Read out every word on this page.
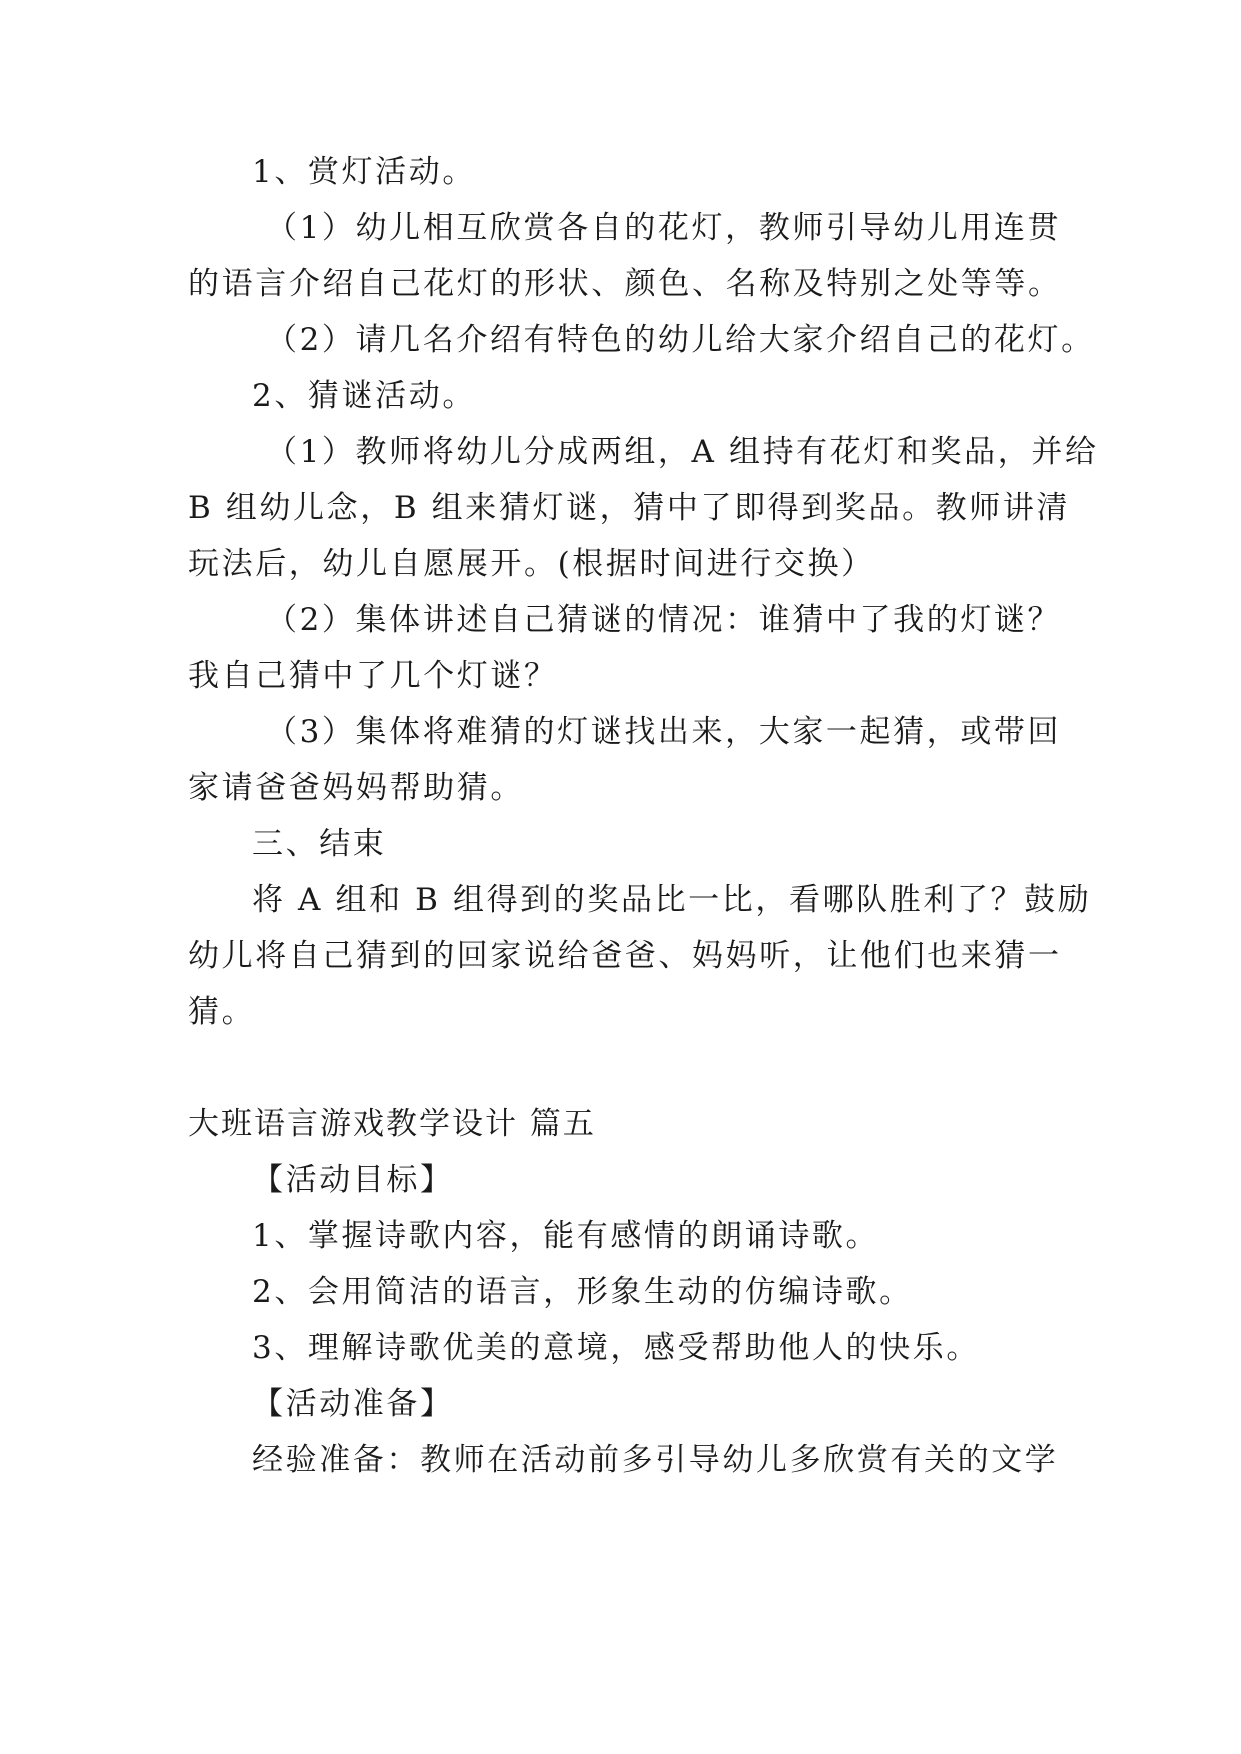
1、赏灯活动。
（1）幼儿相互欣赏各自的花灯，教师引导幼儿用连贯
的语言介绍自己花灯的形状、颜色、名称及特别之处等等。
（2）请几名介绍有特色的幼儿给大家介绍自己的花灯。
2、猜谜活动。
（1）教师将幼儿分成两组，A 组持有花灯和奖品，并给
B 组幼儿念，B 组来猜灯谜，猜中了即得到奖品。教师讲清
玩法后，幼儿自愿展开。(根据时间进行交换）
（2）集体讲述自己猜谜的情况：谁猜中了我的灯谜？
我自己猜中了几个灯谜？
（3）集体将难猜的灯谜找出来，大家一起猜，或带回
家请爸爸妈妈帮助猜。
三、结束
将 A 组和 B 组得到的奖品比一比，看哪队胜利了？鼓励
幼儿将自己猜到的回家说给爸爸、妈妈听，让他们也来猜一
猜。
大班语言游戏教学设计 篇五
【活动目标】
1、掌握诗歌内容，能有感情的朗诵诗歌。
2、会用简洁的语言，形象生动的仿编诗歌。
3、理解诗歌优美的意境，感受帮助他人的快乐。
【活动准备】
经验准备：教师在活动前多引导幼儿多欣赏有关的文学
